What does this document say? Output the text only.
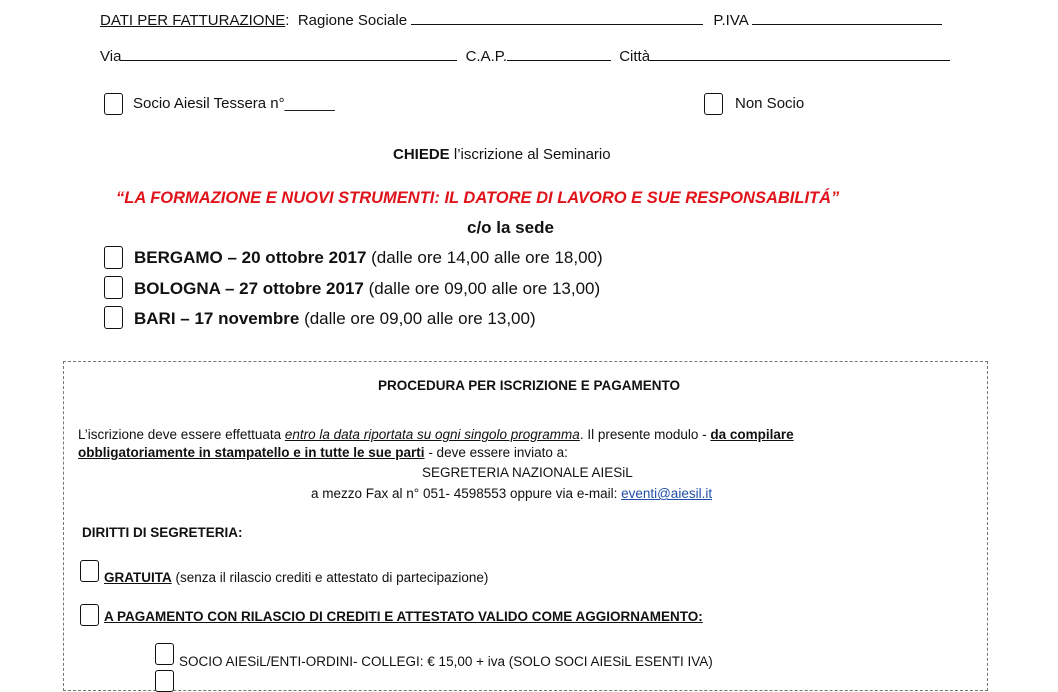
DATI PER FATTURAZIONE: Ragione Sociale	P.IVA
Via	C.A.P.	Città
Socio Aiesil Tessera n°______	Non Socio
CHIEDE l’iscrizione al Seminario
“LA FORMAZIONE E NUOVI STRUMENTI: IL DATORE DI LAVORO E SUE RESPONSABILITÁ”
c/o la sede
BERGAMO – 20 ottobre 2017 (dalle ore 14,00 alle ore 18,00)
BOLOGNA – 27 ottobre 2017 (dalle ore 09,00 alle ore 13,00)
BARI – 17 novembre (dalle ore 09,00 alle ore 13,00)
PROCEDURA PER ISCRIZIONE E PAGAMENTO
L’iscrizione deve essere effettuata entro la data riportata su ogni singolo programma. Il presente modulo - da compilare
obbligatoriamente in stampatello e in tutte le sue parti - deve essere inviato a:
SEGRETERIA NAZIONALE AIESiL
a mezzo Fax al n° 051- 4598553 oppure via e-mail: eventi@aiesil.it
DIRITTI DI SEGRETERIA:
GRATUITA (senza il rilascio crediti e attestato di partecipazione)
A PAGAMENTO CON RILASCIO DI CREDITI E ATTESTATO VALIDO COME AGGIORNAMENTO:
SOCIO AIESiL/ENTI-ORDINI- COLLEGI: € 15,00 + iva (SOLO SOCI AIESiL ESENTI IVA)
